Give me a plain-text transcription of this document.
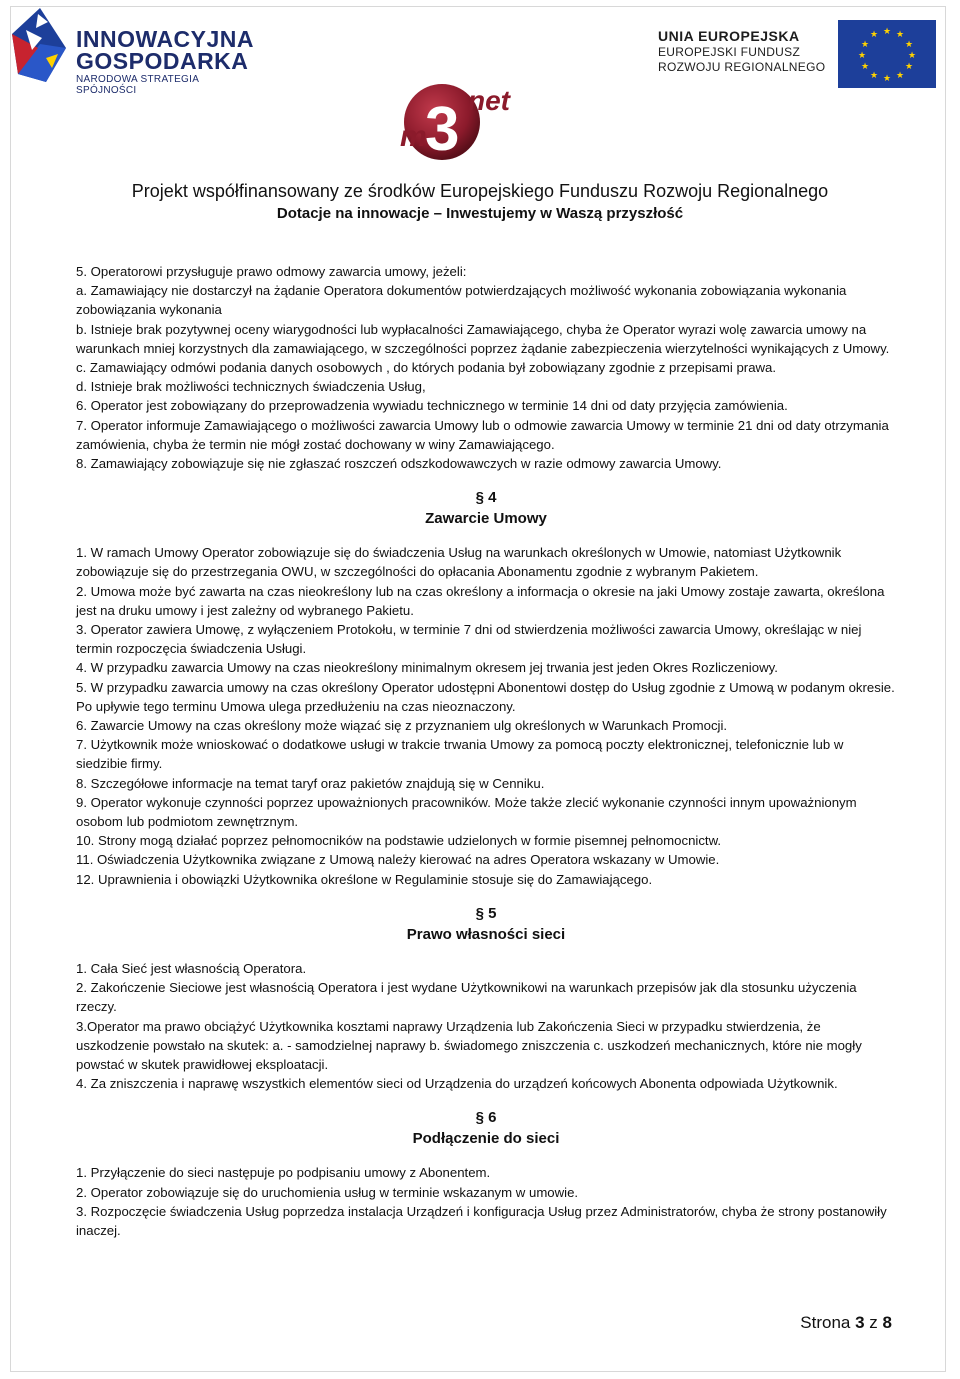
INNOWACYJNA
GOSPODARKA
NARODOWA STRATEGIA SPÓJNOŚCI
UNIA EUROPEJSKA
EUROPEJSKI FUNDUSZ
ROZWOJU REGIONALNEGO
★ ★
★
★
★
★
★
★
★
★
★
★
m
3 net
Projekt współfinansowany ze środków Europejskiego Funduszu Rozwoju Regionalnego
Dotacje na innowacje – Inwestujemy w Waszą przyszłość

5. Operatorowi przysługuje prawo odmowy zawarcia umowy, jeżeli:

a. Zamawiający nie dostarczył na żądanie Operatora dokumentów potwierdzających możliwość wykonania zobowiązania wykonania zobowiązania wykonania

b. Istnieje brak pozytywnej oceny wiarygodności lub wypłacalności Zamawiającego, chyba że Operator wyrazi wolę zawarcia umowy na warunkach mniej korzystnych dla zamawiającego, w szczególności poprzez żądanie zabezpieczenia wierzytelności wynikających z Umowy.

c. Zamawiający odmówi podania danych osobowych , do których podania był zobowiązany zgodnie z przepisami prawa.

d. Istnieje brak możliwości technicznych świadczenia Usług,

6. Operator jest zobowiązany do przeprowadzenia wywiadu technicznego w terminie 14 dni od daty przyjęcia zamówienia.

7. Operator informuje Zamawiającego o możliwości zawarcia Umowy lub o odmowie zawarcia Umowy w terminie 21 dni od daty otrzymania zamówienia, chyba że termin nie mógł zostać dochowany w winy Zamawiającego.

8. Zamawiający zobowiązuje się nie zgłaszać roszczeń odszkodowawczych w razie odmowy zawarcia Umowy.

§ 4
Zawarcie Umowy

1. W ramach Umowy Operator zobowiązuje się do świadczenia Usług na warunkach określonych w Umowie, natomiast Użytkownik zobowiązuje się do przestrzegania OWU, w szczególności do opłacania Abonamentu zgodnie z wybranym Pakietem.

2. Umowa może być zawarta na czas nieokreślony lub na czas określony a informacja o okresie na jaki Umowy zostaje zawarta, określona jest na druku umowy i jest zależny od wybranego Pakietu.

3. Operator zawiera Umowę, z wyłączeniem Protokołu, w terminie 7 dni od stwierdzenia możliwości zawarcia Umowy, określając w niej termin rozpoczęcia świadczenia Usługi.

4. W przypadku zawarcia Umowy na czas nieokreślony minimalnym okresem jej trwania jest jeden Okres Rozliczeniowy.

5. W przypadku zawarcia umowy na czas określony Operator udostępni Abonentowi dostęp do Usług zgodnie z Umową w podanym okresie. Po upływie tego terminu Umowa ulega przedłużeniu na czas nieoznaczony.

6. Zawarcie Umowy na czas określony może wiązać się z przyznaniem ulg określonych w Warunkach Promocji.

7. Użytkownik może wnioskować o dodatkowe usługi w trakcie trwania Umowy za pomocą poczty elektronicznej, telefonicznie lub w siedzibie firmy.

8. Szczegółowe informacje na temat taryf oraz pakietów znajdują się w Cenniku.

9. Operator wykonuje czynności poprzez upoważnionych pracowników. Może także zlecić wykonanie czynności innym upoważnionym osobom lub podmiotom zewnętrznym.

10. Strony mogą działać poprzez pełnomocników na podstawie udzielonych w formie pisemnej pełnomocnictw.

11. Oświadczenia Użytkownika związane z Umową należy kierować na adres Operatora wskazany w Umowie.

12. Uprawnienia i obowiązki Użytkownika określone w Regulaminie stosuje się do Zamawiającego.

§ 5
Prawo własności sieci

1. Cała Sieć jest własnością Operatora.

2. Zakończenie Sieciowe jest własnością Operatora i jest wydane Użytkownikowi na warunkach przepisów jak dla stosunku użyczenia rzeczy.

3.Operator ma prawo obciążyć Użytkownika kosztami naprawy Urządzenia lub Zakończenia Sieci w przypadku stwierdzenia, że uszkodzenie powstało na skutek: a. - samodzielnej naprawy b. świadomego zniszczenia c. uszkodzeń mechanicznych, które nie mogły powstać w skutek prawidłowej eksploatacji.

4. Za zniszczenia i naprawę wszystkich elementów sieci od Urządzenia do urządzeń końcowych Abonenta odpowiada Użytkownik.

§ 6
Podłączenie do sieci

1. Przyłączenie do sieci następuje po podpisaniu umowy z Abonentem.

2. Operator zobowiązuje się do uruchomienia usług w terminie wskazanym w umowie.

3. Rozpoczęcie świadczenia Usług poprzedza instalacja Urządzeń i konfiguracja Usług przez Administratorów, chyba że strony postanowiły inaczej.

Strona 3 z 8
